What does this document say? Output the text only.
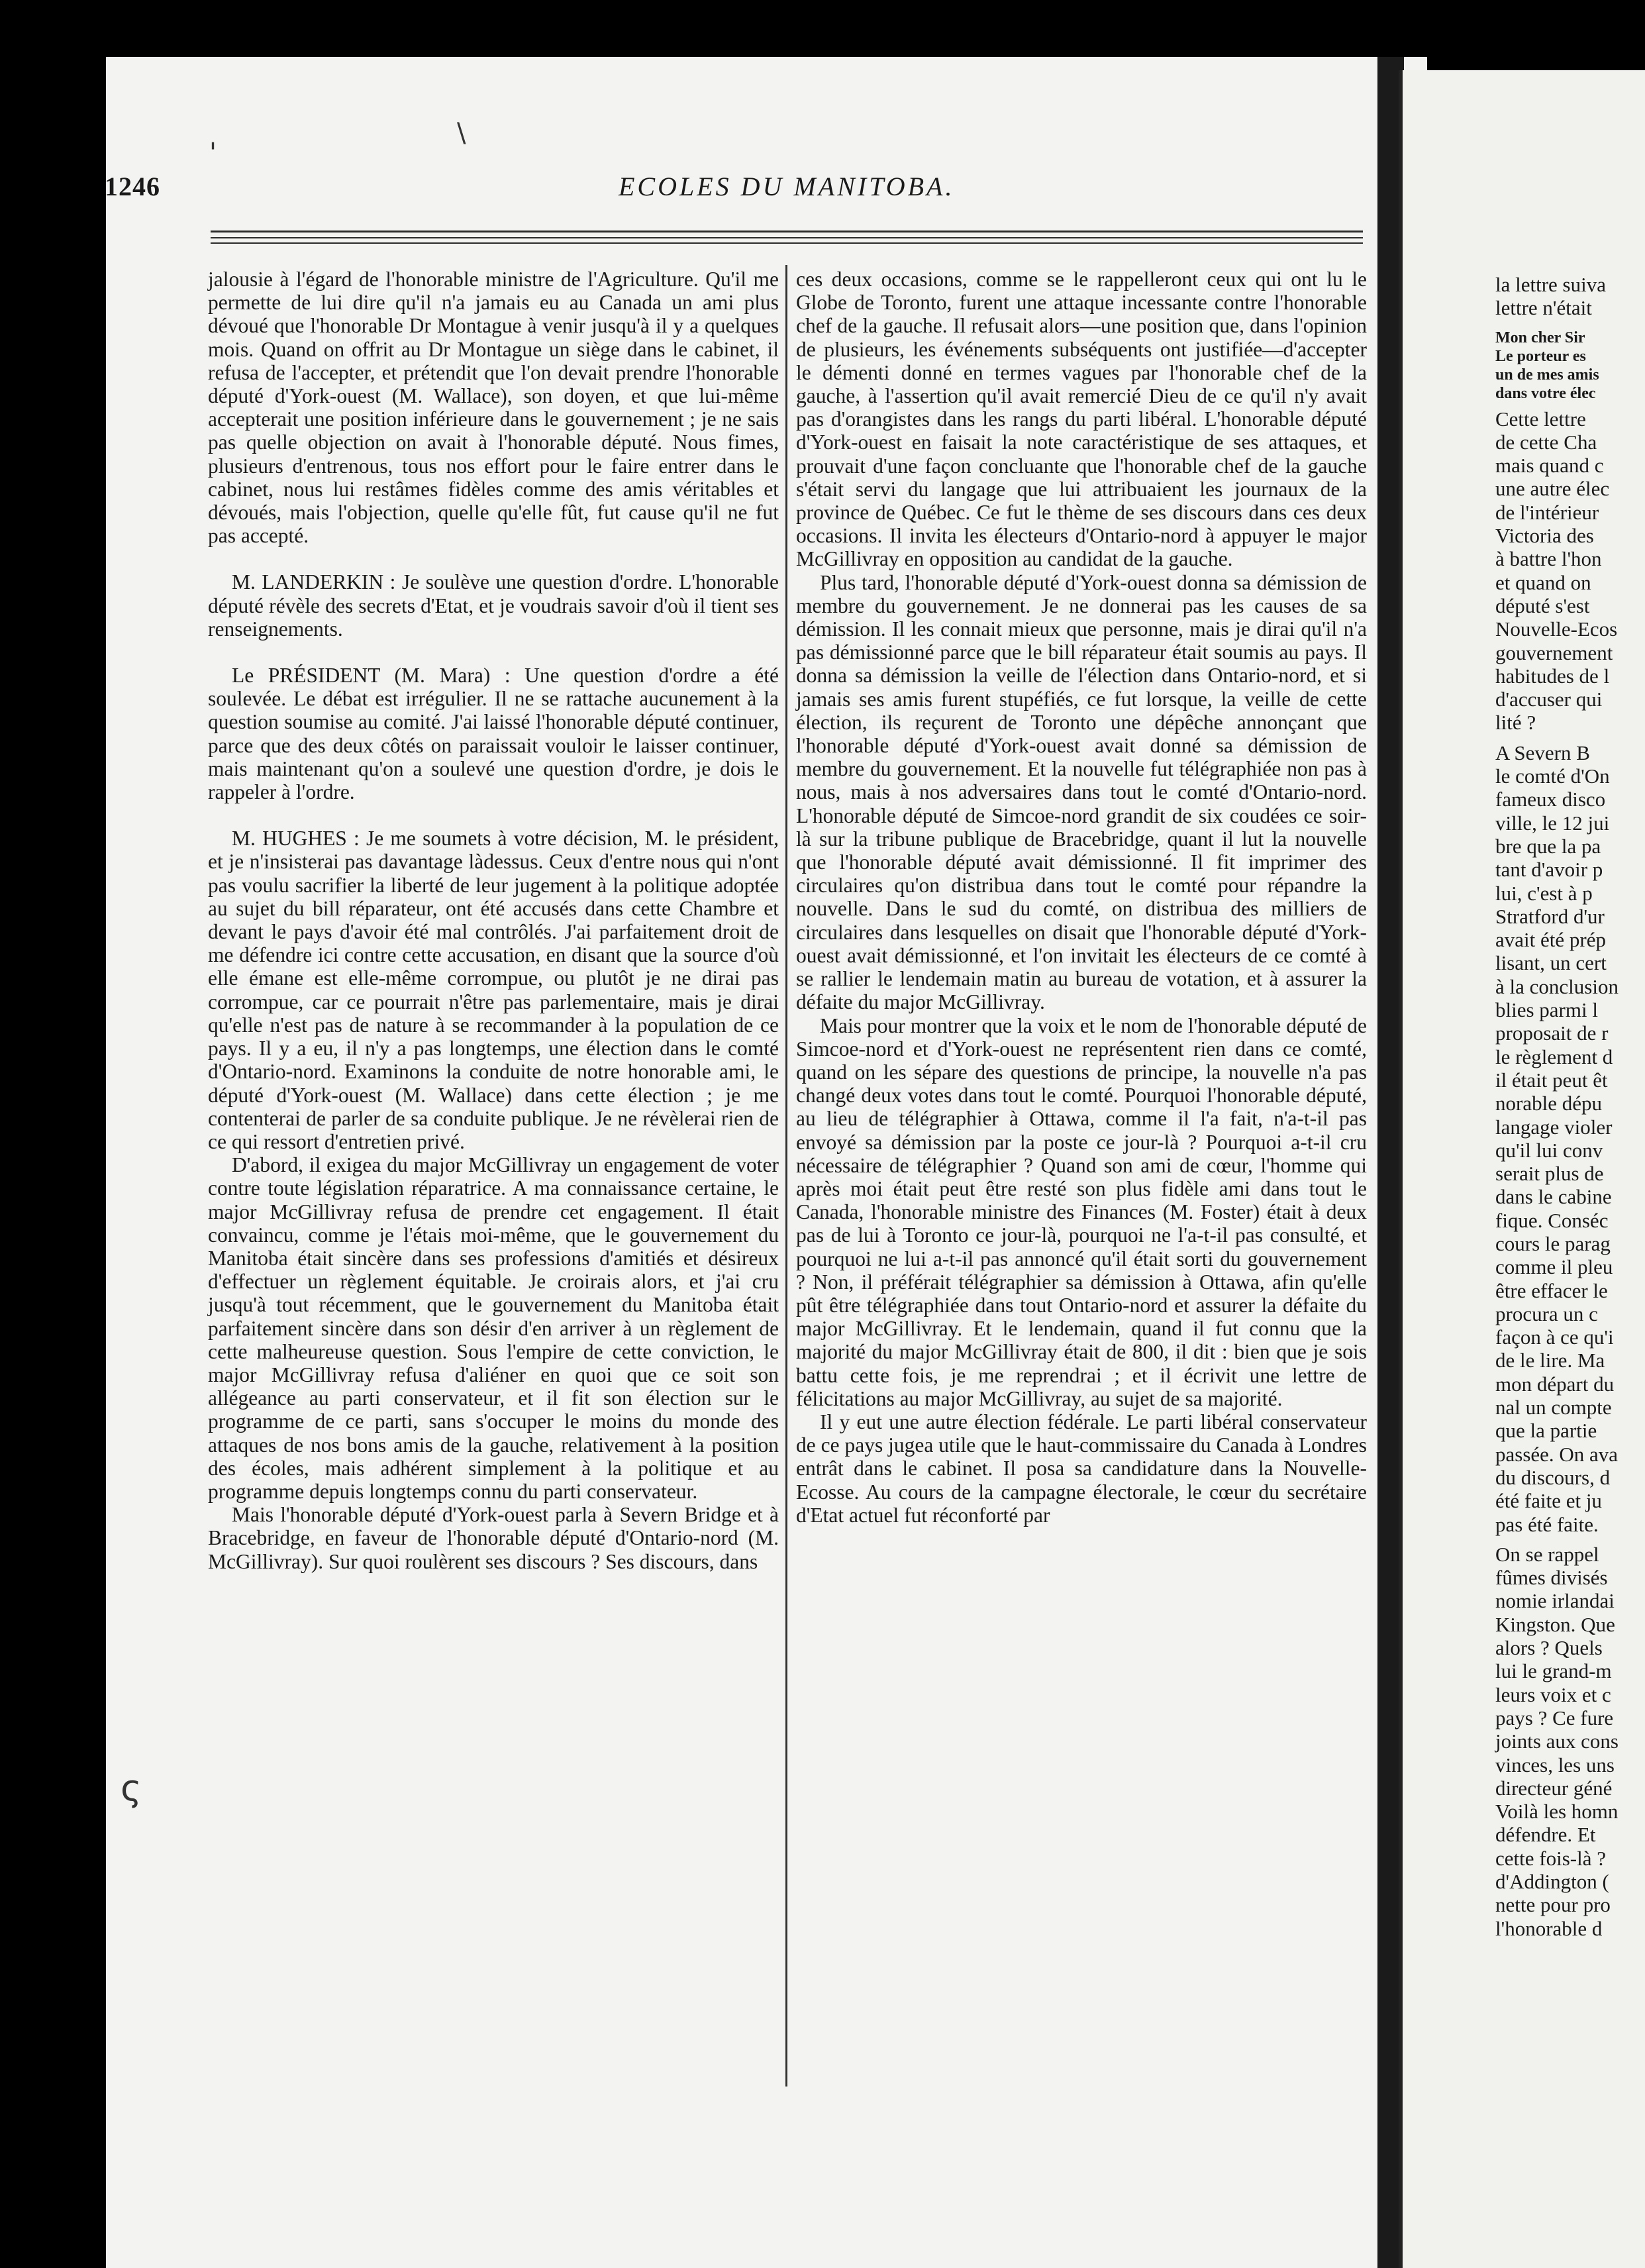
'
\
ς
1246	ECOLES DU MANITOBA.

jalousie à l'égard de l'honorable ministre de l'Agriculture. Qu'il me permette de lui dire qu'il n'a jamais eu au Canada un ami plus dévoué que l'honorable Dr Montague à venir jusqu'à il y a quelques mois. Quand on offrit au Dr Montague un siège dans le cabinet, il refusa de l'accepter, et prétendit que l'on devait prendre l'honorable député d'York-ouest (M. Wallace), son doyen, et que lui-même accepterait une position inférieure dans le gouvernement ; je ne sais pas quelle objection on avait à l'honorable député. Nous fimes, plusieurs d'entrenous, tous nos effort pour le faire entrer dans le cabinet, nous lui restâmes fidèles comme des amis véritables et dévoués, mais l'objection, quelle qu'elle fût, fut cause qu'il ne fut pas accepté.

M. LANDERKIN : Je soulève une question d'ordre. L'honorable député révèle des secrets d'Etat, et je voudrais savoir d'où il tient ses renseignements.

Le PRÉSIDENT (M. Mara) : Une question d'ordre a été soulevée. Le débat est irrégulier. Il ne se rattache aucunement à la question soumise au comité. J'ai laissé l'honorable député continuer, parce que des deux côtés on paraissait vouloir le laisser continuer, mais maintenant qu'on a soulevé une question d'ordre, je dois le rappeler à l'ordre.

M. HUGHES : Je me soumets à votre décision, M. le président, et je n'insisterai pas davantage làdessus. Ceux d'entre nous qui n'ont pas voulu sacrifier la liberté de leur jugement à la politique adoptée au sujet du bill réparateur, ont été accusés dans cette Chambre et devant le pays d'avoir été mal contrôlés. J'ai parfaitement droit de me défendre ici contre cette accusation, en disant que la source d'où elle émane est elle-même corrompue, ou plutôt je ne dirai pas corrompue, car ce pourrait n'être pas parlementaire, mais je dirai qu'elle n'est pas de nature à se recommander à la population de ce pays. Il y a eu, il n'y a pas longtemps, une élection dans le comté d'Ontario-nord. Examinons la conduite de notre honorable ami, le député d'York-ouest (M. Wallace) dans cette élection ; je me contenterai de parler de sa conduite publique. Je ne révèlerai rien de ce qui ressort d'entretien privé.

D'abord, il exigea du major McGillivray un engagement de voter contre toute législation réparatrice. A ma connaissance certaine, le major McGillivray refusa de prendre cet engagement. Il était convaincu, comme je l'étais moi-même, que le gouvernement du Manitoba était sincère dans ses professions d'amitiés et désireux d'effectuer un règlement équitable. Je croirais alors, et j'ai cru jusqu'à tout récemment, que le gouvernement du Manitoba était parfaitement sincère dans son désir d'en arriver à un règlement de cette malheureuse question. Sous l'empire de cette conviction, le major McGillivray refusa d'aliéner en quoi que ce soit son allégeance au parti conservateur, et il fit son élection sur le programme de ce parti, sans s'occuper le moins du monde des attaques de nos bons amis de la gauche, relativement à la position des écoles, mais adhérent simplement à la politique et au programme depuis longtemps connu du parti conservateur.

Mais l'honorable député d'York-ouest parla à Severn Bridge et à Bracebridge, en faveur de l'honorable député d'Ontario-nord (M. McGillivray). Sur quoi roulèrent ses discours ? Ses discours, dans

ces deux occasions, comme se le rappelleront ceux qui ont lu le Globe de Toronto, furent une attaque incessante contre l'honorable chef de la gauche. Il refusait alors—une position que, dans l'opinion de plusieurs, les événements subséquents ont justifiée—d'accepter le démenti donné en termes vagues par l'honorable chef de la gauche, à l'assertion qu'il avait remercié Dieu de ce qu'il n'y avait pas d'orangistes dans les rangs du parti libéral. L'honorable député d'York-ouest en faisait la note caractéristique de ses attaques, et prouvait d'une façon concluante que l'honorable chef de la gauche s'était servi du langage que lui attribuaient les journaux de la province de Québec. Ce fut le thème de ses discours dans ces deux occasions. Il invita les électeurs d'Ontario-nord à appuyer le major McGillivray en opposition au candidat de la gauche.

Plus tard, l'honorable député d'York-ouest donna sa démission de membre du gouvernement. Je ne donnerai pas les causes de sa démission. Il les connait mieux que personne, mais je dirai qu'il n'a pas démissionné parce que le bill réparateur était soumis au pays. Il donna sa démission la veille de l'élection dans Ontario-nord, et si jamais ses amis furent stupéfiés, ce fut lorsque, la veille de cette élection, ils reçurent de Toronto une dépêche annonçant que l'honorable député d'York-ouest avait donné sa démission de membre du gouvernement. Et la nouvelle fut télégraphiée non pas à nous, mais à nos adversaires dans tout le comté d'Ontario-nord. L'honorable député de Simcoe-nord grandit de six coudées ce soir-là sur la tribune publique de Bracebridge, quant il lut la nouvelle que l'honorable député avait démissionné. Il fit imprimer des circulaires qu'on distribua dans tout le comté pour répandre la nouvelle. Dans le sud du comté, on distribua des milliers de circulaires dans lesquelles on disait que l'honorable député d'York-ouest avait démissionné, et l'on invitait les électeurs de ce comté à se rallier le lendemain matin au bureau de votation, et à assurer la défaite du major McGillivray.

Mais pour montrer que la voix et le nom de l'honorable député de Simcoe-nord et d'York-ouest ne représentent rien dans ce comté, quand on les sépare des questions de principe, la nouvelle n'a pas changé deux votes dans tout le comté. Pourquoi l'honorable député, au lieu de télégraphier à Ottawa, comme il l'a fait, n'a-t-il pas envoyé sa démission par la poste ce jour-là ? Pourquoi a-t-il cru nécessaire de télégraphier ? Quand son ami de cœur, l'homme qui après moi était peut être resté son plus fidèle ami dans tout le Canada, l'honorable ministre des Finances (M. Foster) était à deux pas de lui à Toronto ce jour-là, pourquoi ne l'a-t-il pas consulté, et pourquoi ne lui a-t-il pas annoncé qu'il était sorti du gouvernement ? Non, il préférait télégraphier sa démission à Ottawa, afin qu'elle pût être télégraphiée dans tout Ontario-nord et assurer la défaite du major McGillivray. Et le lendemain, quand il fut connu que la majorité du major McGillivray était de 800, il dit : bien que je sois battu cette fois, je me reprendrai ; et il écrivit une lettre de félicitations au major McGillivray, au sujet de sa majorité.

Il y eut une autre élection fédérale. Le parti libéral conservateur de ce pays jugea utile que le haut-commissaire du Canada à Londres entrât dans le cabinet. Il posa sa candidature dans la Nouvelle-Ecosse. Au cours de la campagne électorale, le cœur du secrétaire d'Etat actuel fut réconforté par

la lettre suiva
lettre n'était
Mon cher Sir
Le porteur es
un de mes amis
dans votre élec
Cette lettre
de cette Cha
mais quand c
une autre élec
de l'intérieur
Victoria des
à battre l'hon
et quand on
député s'est
Nouvelle-Ecos
gouvernement
habitudes de l
d'accuser qui
lité ?
A Severn B
le comté d'On
fameux disco
ville, le 12 jui
bre que la pa
tant d'avoir p
lui, c'est à p
Stratford d'ur
avait été prép
lisant, un cert
à la conclusion
blies parmi l
proposait de r
le règlement d
il était peut êt
norable dépu
langage violer
qu'il lui conv
serait plus de
dans le cabine
fique. Conséc
cours le parag
comme il pleu
être effacer le
procura un c
façon à ce qu'i
de le lire. Ma
mon départ du
nal un compte
que la partie
passée. On ava
du discours, d
été faite et ju
pas été faite.
On se rappel
fûmes divisés
nomie irlandai
Kingston. Que
alors ? Quels
lui le grand-m
leurs voix et c
pays ? Ce fure
joints aux cons
vinces, les uns
directeur géné
Voilà les homn
défendre. Et
cette fois-là ?
d'Addington (
nette pour pro
l'honorable d
